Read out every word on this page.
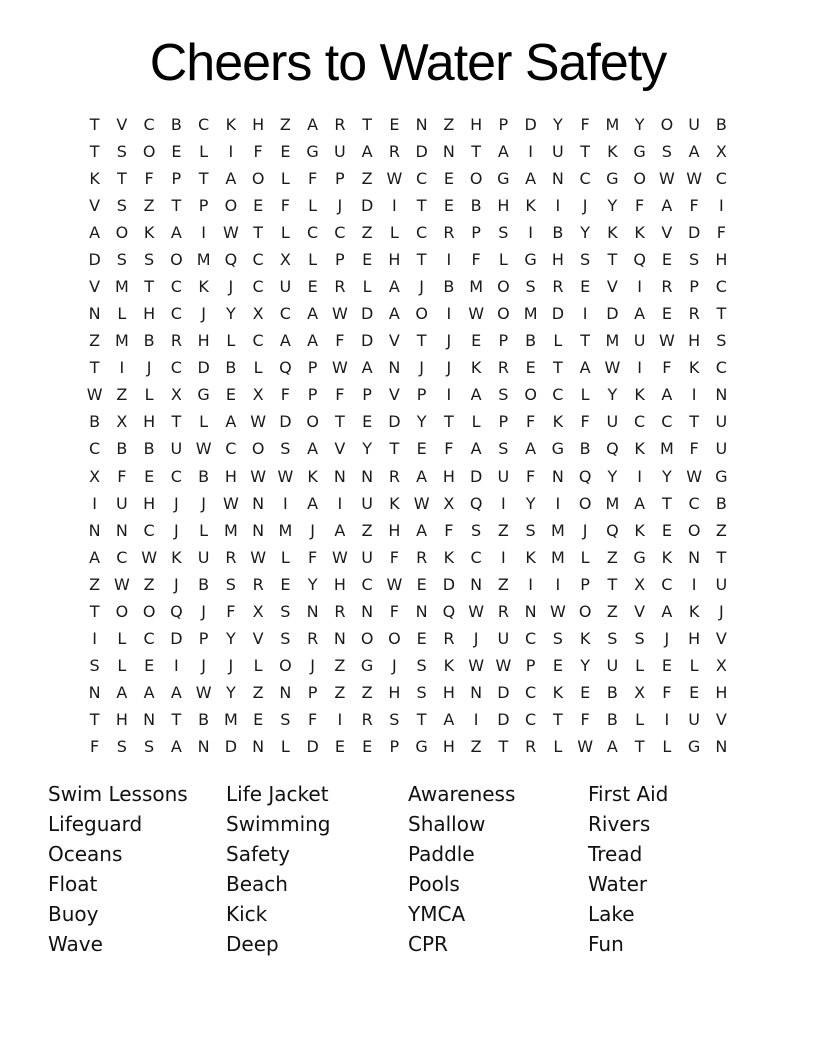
Cheers to Water Safety
T	V	C	B	C	K H Z	A	R	T	E	N Z H	P	D	Y	F M Y	O U B
T	S O E	L	I	F	E	G U A	R D N	T	A	I	U	T	K G S	A	X
K	T	F	P	T	A O	L	F	P	Z W C	E O G A N C G O W W C
V	S	Z	T	P	O E	F	L	J	D	I	T	E	B H K	I	J	Y	F	A	F	I
A O K	A	I	W T	L	C	C	Z	L	C	R	P	S	I	B	Y	K	K	V D	F
D	S	S O M Q C	X	L	P	E	H	T	I	F	L	G H	S	T	Q E	S	H
V M T	C	K	J	C U	E	R	L	A	J	B M O S	R	E	V	I	R	P	C
N	L	H C	J	Y	X	C	A W D A O	I	W O M D	I	D A	E	R	T
Z M B	R H	L	C	A	A	F	D V	T	J	E	P	B	L	T M U W H	S
T	I	J	C D B	L	Q	P W A N	J	J	K	R	E	T	A W	I	F	K	C
W Z	L	X G E	X	F	P	F	P	V	P	I	A	S O C	L	Y	K	A	I	N
B	X H	T	L	A W D O	T	E	D	Y	T	L	P	F	K	F	U C	C	T	U
C	B	B U W C O S	A	V	Y	T	E	F	A	S	A G B Q K M F	U
X	F	E	C	B H W W K	N N R	A H D U	F	N Q	Y	I	Y W G
I	U H	J	J	W N	I	A	I	U	K W X Q	I	Y	I	O M A	T	C	B
N N C	J	L M N M	J	A	Z H A	F	S	Z	S M	J	Q K	E O Z
A	C W K	U R W L	F W U	F	R	K	C	I	K M L	Z G K	N	T
Z W Z	J	B	S	R	E	Y	H C W E	D N Z	I	I	P	T	X	C	I	U
T	O O Q	J	F	X	S	N R N	F	N Q W R N W O Z	V	A	K	J
I	L	C D	P	Y	V	S	R N O O E	R	J	U C	S	K	S	S	J	H V
S	L	E	I	J	J	L	O	J	Z G	J	S	K W W P	E	Y	U	L	E	L	X
N A	A	A W Y	Z N	P	Z	Z H	S	H N D C	K	E	B	X	F	E	H
T	H N	T	B M E	S	F	I	R	S	T	A	I	D C	T	F	B	L	I	U V
F	S	S	A N D N	L	D	E	E	P	G H Z	T	R	L W A	T	L	G N
Swim Lessons
Lifeguard
Oceans
Float
Buoy
Wave
Life Jacket
Swimming
Safety
Beach
Kick
Deep
Awareness
Shallow
Paddle
Pools
YMCA
CPR
First Aid
Rivers
Tread
Water
Lake
Fun
